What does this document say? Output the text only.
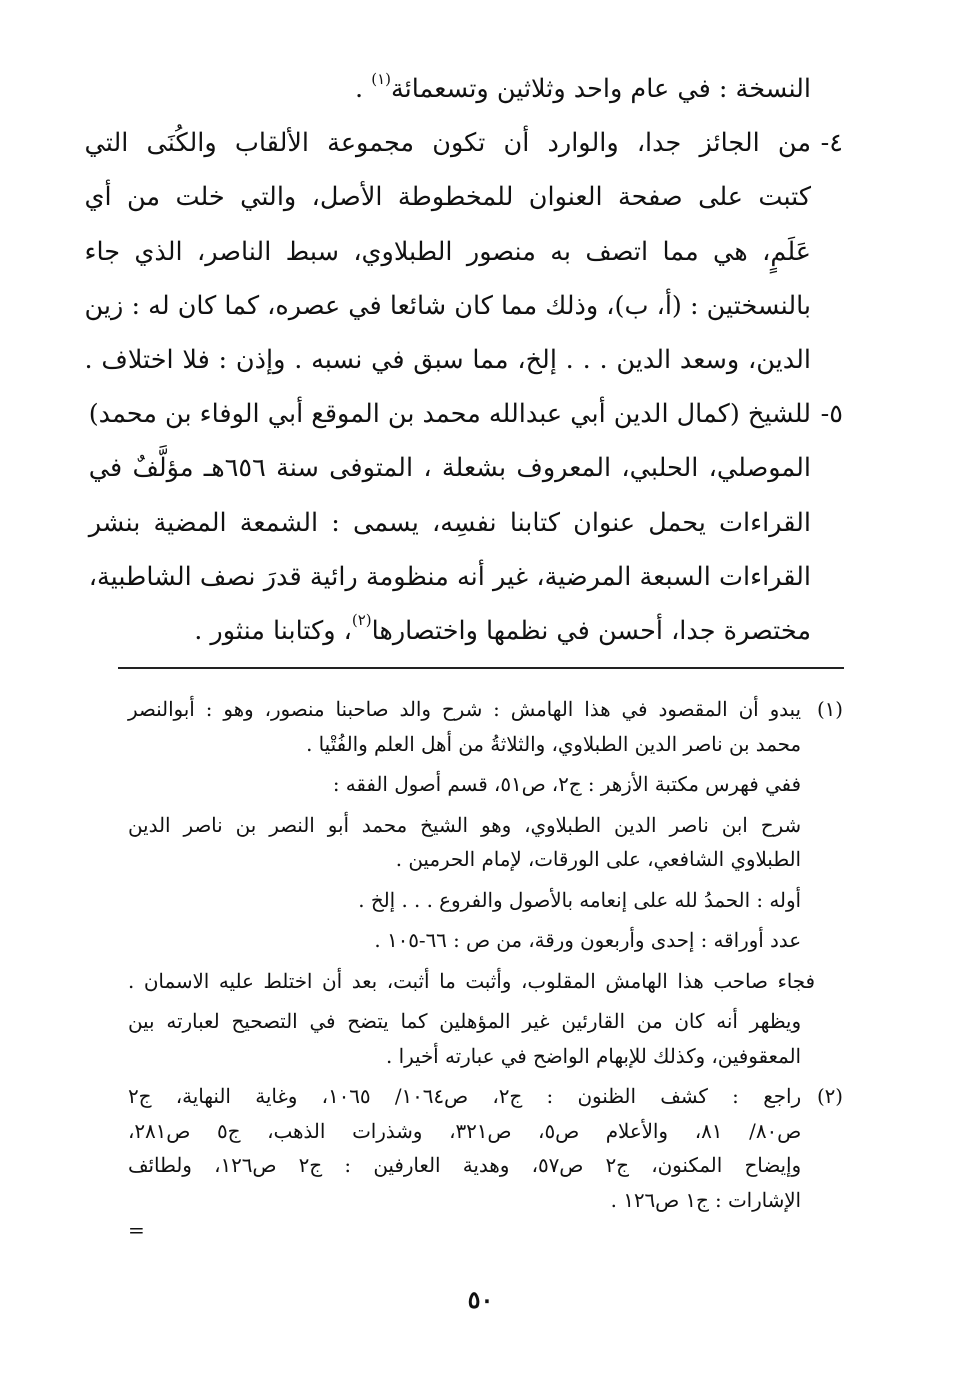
النسخة : في عام واحد وثلاثين وتسعمائة$^{(١)}$ .
٤-
من الجائز جدا، والوارد أن تكون مجموعة الألقاب والكُنَى التي
كتبت على صفحة العنوان للمخطوطة الأصل، والتي خلت من أي
عَلَمٍ، هي مما اتصف به منصور الطبلاوي، سبط الناصر، الذي جاء
بالنسختين : (أ، ب)، وذلك مما كان شائعا في عصره، كما كان له : زين
الدين، وسعد الدين . . . إلخ، مما سبق في نسبه . وإذن : فلا اختلاف .
٥-
للشيخ (كمال الدين أبي عبدالله محمد بن الموقع أبي الوفاء بن محمد)
الموصلي، الحلبي، المعروف بشعلة ، المتوفى سنة ٦٥٦هـ مؤلَّفٌ في
القراءات يحمل عنوان كتابنا نفسِه، يسمى : الشمعة المضية بنشر
القراءات السبعة المرضية، غير أنه منظومة رائية قدرَ نصف الشاطبية،
مختصرة جدا، أحسن في نظمها واختصارها$^{(٢)}$، وكتابنا منثور .
(١)
يبدو أن المقصود في هذا الهامش : شرح والد صاحبنا منصور، وهو : أبوالنصر
محمد بن ناصر الدين الطبلاوي، والثلاثةُ من أهل العلم والفُتْيا .
ففي فهرس مكتبة الأزهر : ج٢، ص٥١، قسم أصول الفقه :
شرح ابن ناصر الدين الطبلاوي، وهو الشيخ محمد أبو النصر بن ناصر الدين
الطبلاوي الشافعي، على الورقات، لإمام الحرمين .
أوله : الحمدُ لله على إنعامه بالأصول والفروع . . . إلخ .
عدد أوراقه : إحدى وأربعون ورقة، من ص : ٦٦-١٠٥ .
فجاء صاحب هذا الهامش المقلوب، وأثبت ما أثبت، بعد أن اختلط عليه الاسمان .
ويظهر أنه كان من القارئين غير المؤهلين كما يتضح في التصحيح لعبارته بين
المعقوفين، وكذلك للإبهام الواضح في عبارته أخيرا .
(٢)
راجع : كشف الظنون : ج٢، ص١٠٦٤/ ١٠٦٥، وغاية النهاية، ج٢
ص٨٠/ ٨١، والأعلام ص٥، ص٣٢١، وشذرات الذهب، ج٥ ص٢٨١،
وإيضاح المكنون، ج٢ ص٥٧، وهدية العارفين : ج٢ ص١٢٦، ولطائف
الإشارات : ج١ ص١٢٦ .
=
٥٠
